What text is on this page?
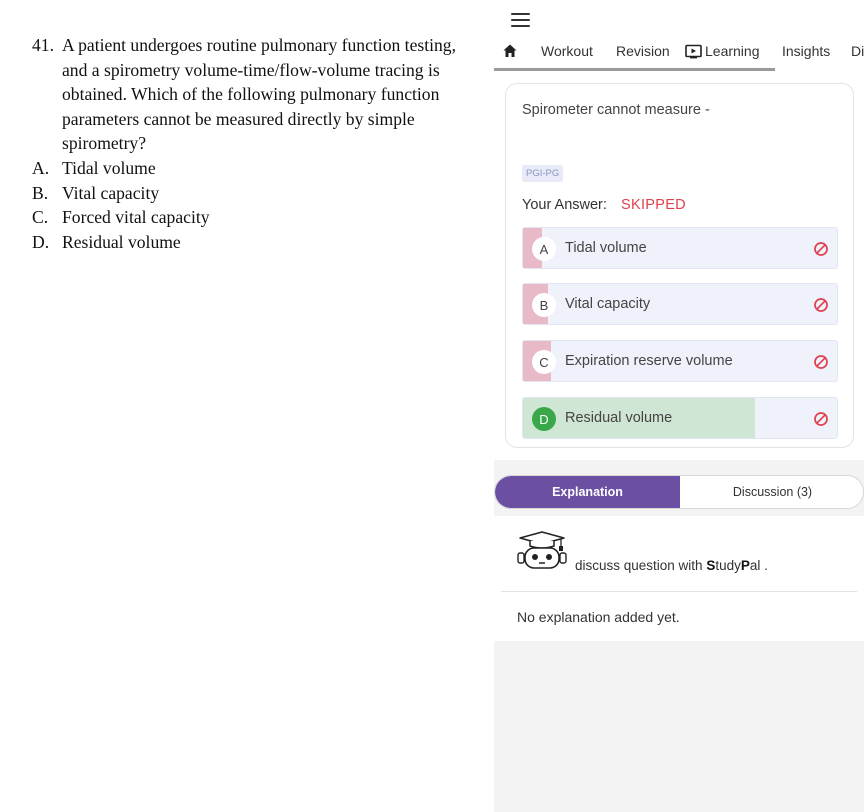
41. A patient undergoes routine pulmonary function testing, and a spirometry volume-time/flow-volume tracing is obtained. Which of the following pulmonary function parameters cannot be measured directly by simple spirometry?
A. Tidal volume
B. Vital capacity
C. Forced vital capacity
D. Residual volume
Workout Revision	Learning Insights Di
Spirometer cannot measure -
PGI-PG
Your Answer: SKIPPED
A	Tidal volume
B	Vital capacity
C	Expiration reserve volume
D	Residual volume
Explanation	Discussion (3)
discuss question with StudyPal .
No explanation added yet.
